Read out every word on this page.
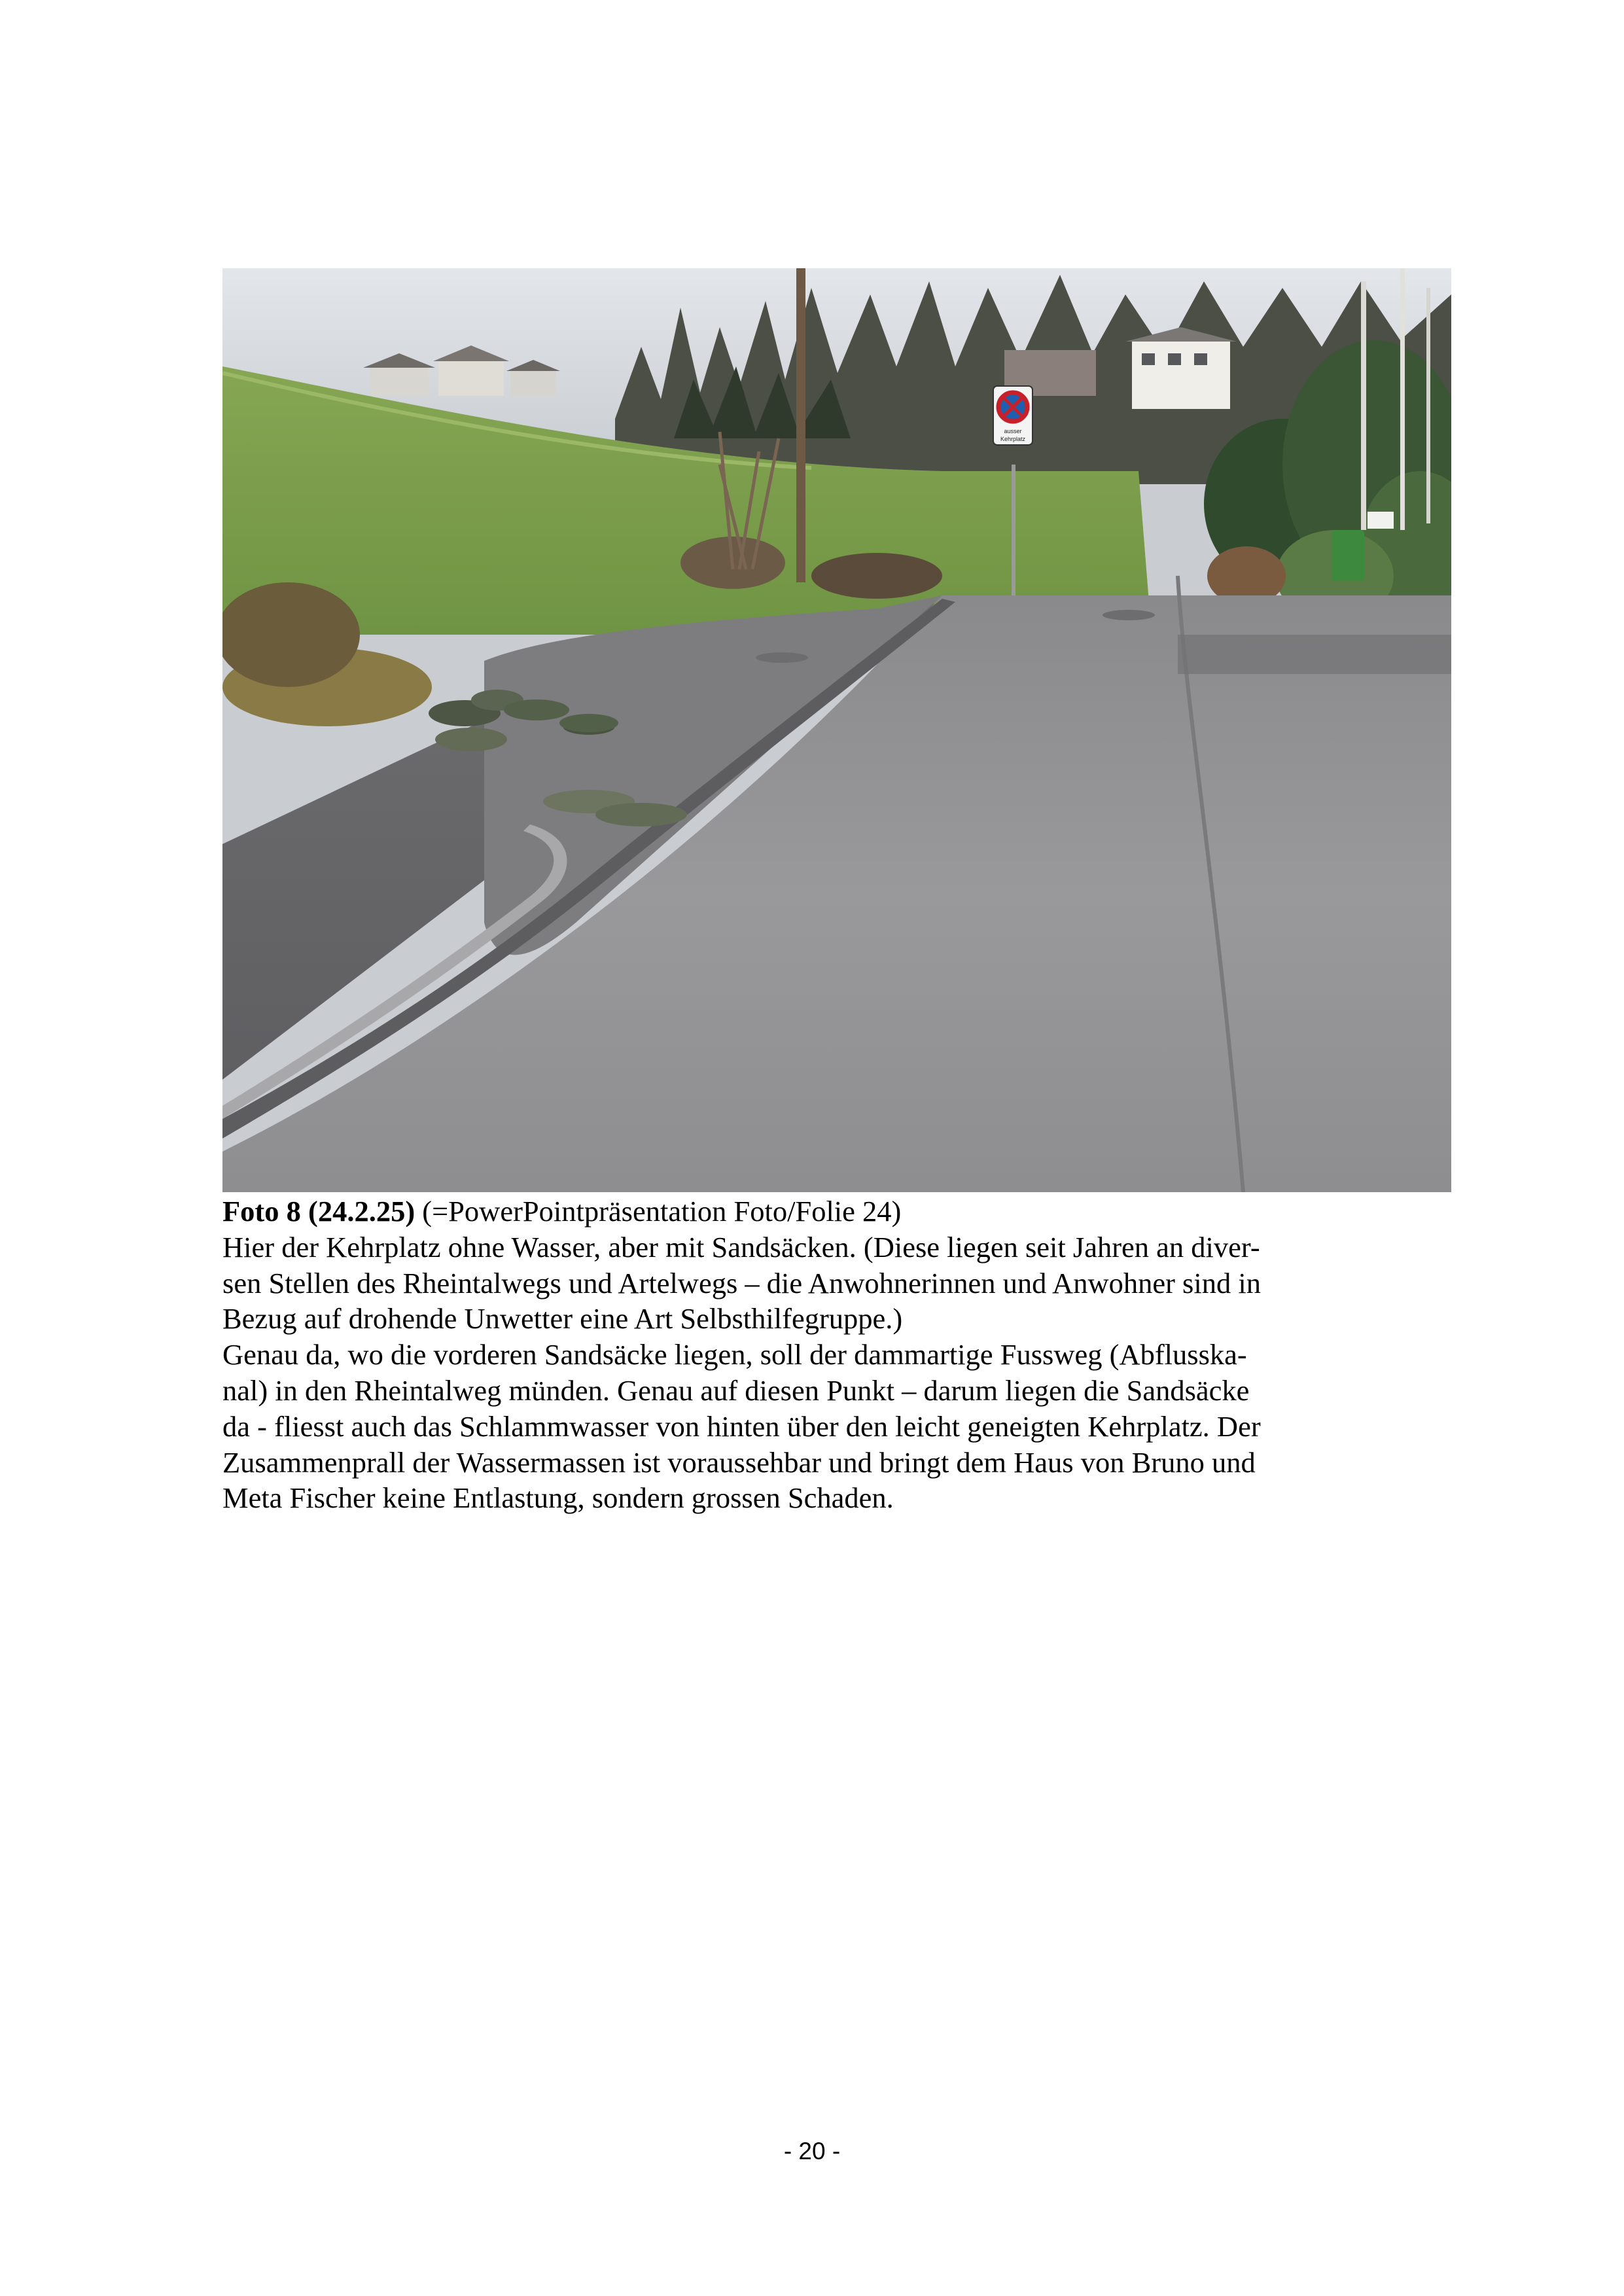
ausser
Kehrplatz
Foto 8 (24.2.25) (=PowerPointpräsentation Foto/Folie 24)
Hier der Kehrplatz ohne Wasser, aber mit Sandsäcken. (Diese liegen seit Jahren an diver-
sen Stellen des Rheintalwegs und Artelwegs – die Anwohnerinnen und Anwohner sind in
Bezug auf drohende Unwetter eine Art Selbsthilfegruppe.)
Genau da, wo die vorderen Sandsäcke liegen, soll der dammartige Fussweg (Abflusska-
nal) in den Rheintalweg münden. Genau auf diesen Punkt – darum liegen die Sandsäcke
da - fliesst auch das Schlammwasser von hinten über den leicht geneigten Kehrplatz. Der
Zusammenprall der Wassermassen ist voraussehbar und bringt dem Haus von Bruno und
Meta Fischer keine Entlastung, sondern grossen Schaden.
- 20 -
